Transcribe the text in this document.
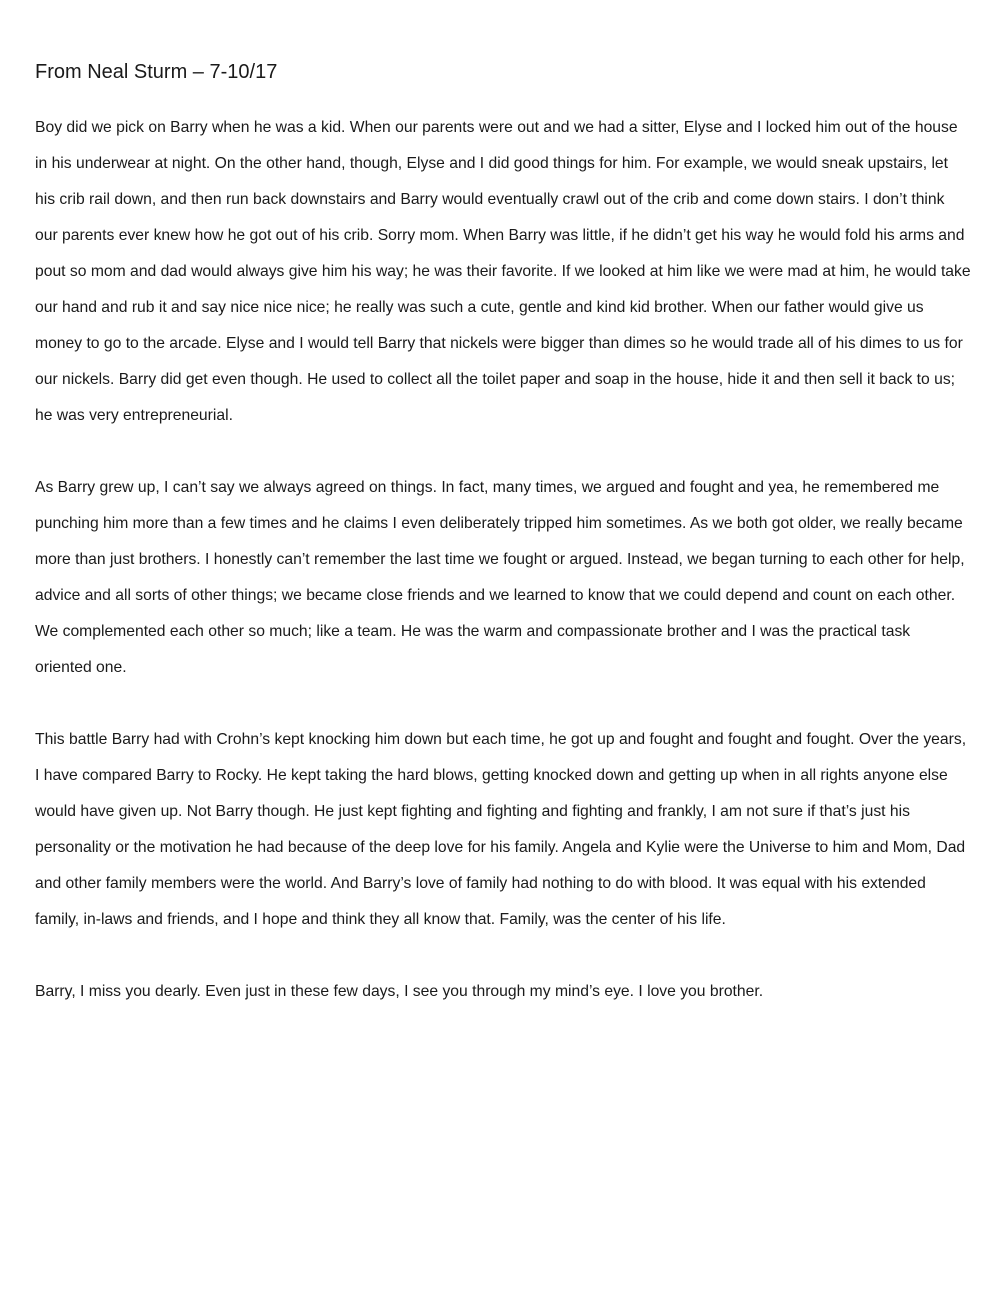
From Neal Sturm – 7-10/17

Boy did we pick on Barry when he was a kid. When our parents were out and we had a sitter, Elyse and I locked him out of the house in his underwear at night. On the other hand, though, Elyse and I did good things for him. For example, we would sneak upstairs, let his crib rail down, and then run back downstairs and Barry would eventually crawl out of the crib and come down stairs. I don’t think our parents ever knew how he got out of his crib. Sorry mom. When Barry was little, if he didn’t get his way he would fold his arms and pout so mom and dad would always give him his way; he was their favorite. If we looked at him like we were mad at him, he would take our hand and rub it and say nice nice nice; he really was such a cute, gentle and kind kid brother. When our father would give us money to go to the arcade. Elyse and I would tell Barry that nickels were bigger than dimes so he would trade all of his dimes to us for our nickels. Barry did get even though. He used to collect all the toilet paper and soap in the house, hide it and then sell it back to us; he was very entrepreneurial.

As Barry grew up, I can’t say we always agreed on things. In fact, many times, we argued and fought and yea, he remembered me punching him more than a few times and he claims I even deliberately tripped him sometimes. As we both got older, we really became more than just brothers. I honestly can’t remember the last time we fought or argued. Instead, we began turning to each other for help, advice and all sorts of other things; we became close friends and we learned to know that we could depend and count on each other. We complemented each other so much; like a team. He was the warm and compassionate brother and I was the practical task oriented one.

This battle Barry had with Crohn’s kept knocking him down but each time, he got up and fought and fought and fought. Over the years, I have compared Barry to Rocky. He kept taking the hard blows, getting knocked down and getting up when in all rights anyone else would have given up. Not Barry though. He just kept fighting and fighting and fighting and frankly, I am not sure if that’s just his personality or the motivation he had because of the deep love for his family. Angela and Kylie were the Universe to him and Mom, Dad and other family members were the world. And Barry’s love of family had nothing to do with blood. It was equal with his extended family, in-laws and friends, and I hope and think they all know that. Family, was the center of his life.

Barry, I miss you dearly. Even just in these few days, I see you through my mind’s eye. I love you brother.
